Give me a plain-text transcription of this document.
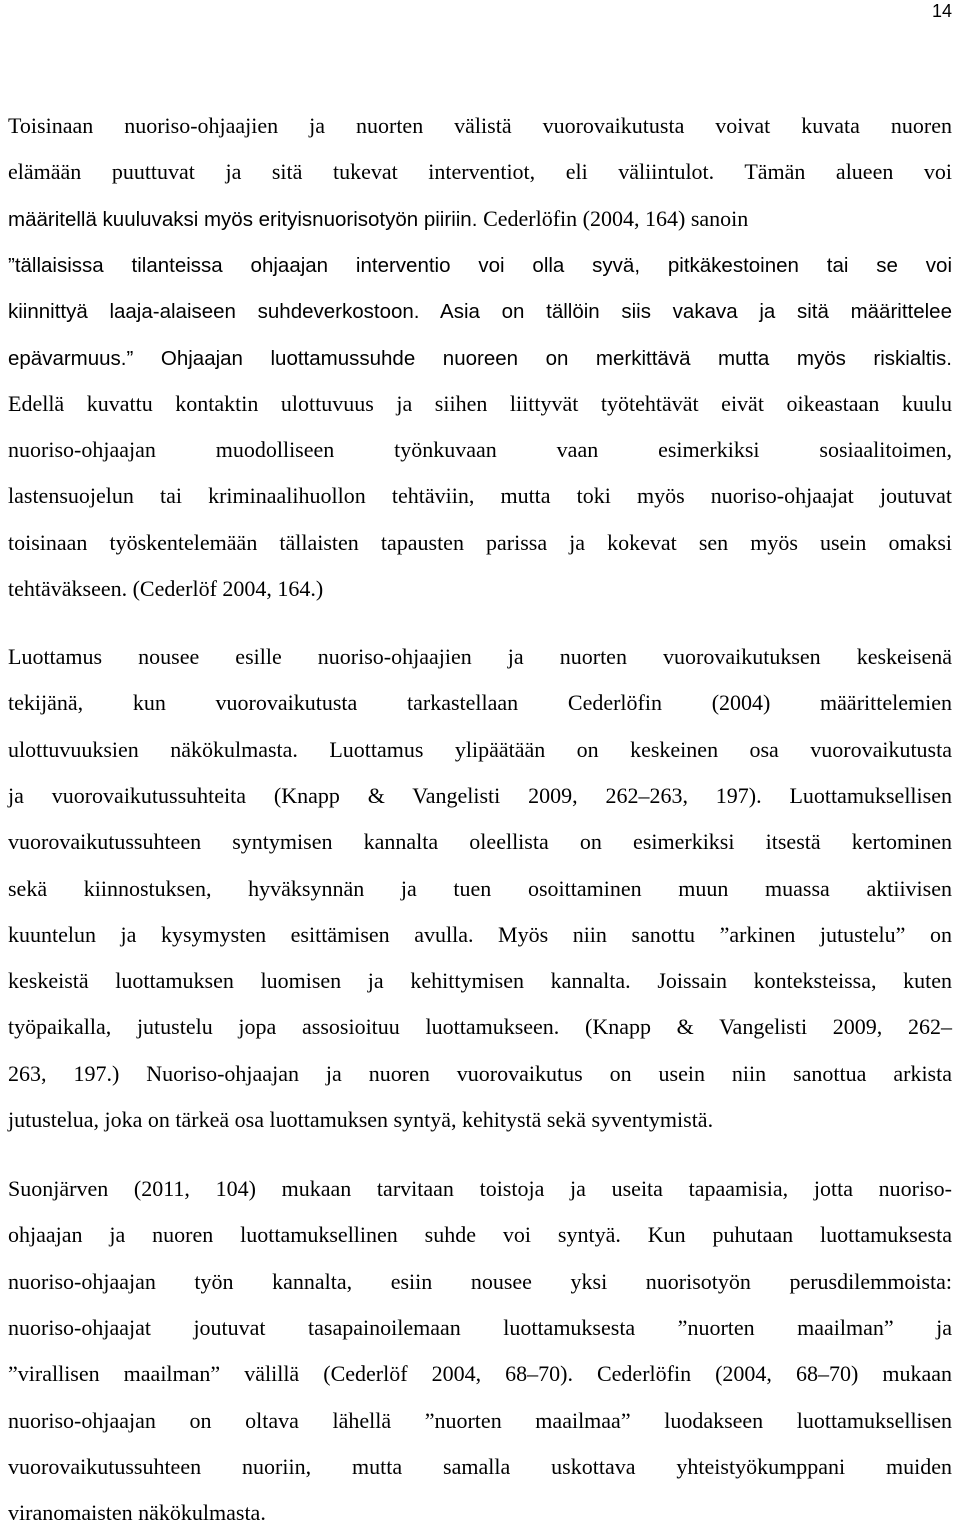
14
Toisinaan nuoriso-ohjaajien ja nuorten välistä vuorovaikutusta voivat kuvata nuoren
elämään puuttuvat ja sitä tukevat interventiot, eli väliintulot. Tämän alueen voi
määritellä kuuluvaksi myös erityisnuorisotyön piiriin. Cederlöfin (2004, 164) sanoin
”tällaisissa tilanteissa ohjaajan interventio voi olla syvä, pitkäkestoinen tai se voi
kiinnittyä laaja-alaiseen suhdeverkostoon. Asia on tällöin siis vakava ja sitä määrittelee
epävarmuus.” Ohjaajan luottamussuhde nuoreen on merkittävä mutta myös riskialtis.
Edellä kuvattu kontaktin ulottuvuus ja siihen liittyvät työtehtävät eivät oikeastaan kuulu
nuoriso-ohjaajan muodolliseen työnkuvaan vaan esimerkiksi sosiaalitoimen,
lastensuojelun tai kriminaalihuollon tehtäviin, mutta toki myös nuoriso-ohjaajat joutuvat
toisinaan työskentelemään tällaisten tapausten parissa ja kokevat sen myös usein omaksi
tehtäväkseen. (Cederlöf 2004, 164.)
Luottamus nousee esille nuoriso-ohjaajien ja nuorten vuorovaikutuksen keskeisenä
tekijänä, kun vuorovaikutusta tarkastellaan Cederlöfin (2004) määrittelemien
ulottuvuuksien näkökulmasta. Luottamus ylipäätään on keskeinen osa vuorovaikutusta
ja vuorovaikutussuhteita (Knapp & Vangelisti 2009, 262–263, 197). Luottamuksellisen
vuorovaikutussuhteen syntymisen kannalta oleellista on esimerkiksi itsestä kertominen
sekä kiinnostuksen, hyväksynnän ja tuen osoittaminen muun muassa aktiivisen
kuuntelun ja kysymysten esittämisen avulla. Myös niin sanottu ”arkinen jutustelu” on
keskeistä luottamuksen luomisen ja kehittymisen kannalta. Joissain konteksteissa, kuten
työpaikalla, jutustelu jopa assosioituu luottamukseen. (Knapp & Vangelisti 2009, 262–
263, 197.) Nuoriso-ohjaajan ja nuoren vuorovaikutus on usein niin sanottua arkista
jutustelua, joka on tärkeä osa luottamuksen syntyä, kehitystä sekä syventymistä.
Suonjärven (2011, 104) mukaan tarvitaan toistoja ja useita tapaamisia, jotta nuoriso-
ohjaajan ja nuoren luottamuksellinen suhde voi syntyä. Kun puhutaan luottamuksesta
nuoriso-ohjaajan työn kannalta, esiin nousee yksi nuorisotyön perusdilemmoista:
nuoriso-ohjaajat joutuvat tasapainoilemaan luottamuksesta ”nuorten maailman” ja
”virallisen maailman” välillä (Cederlöf 2004, 68–70). Cederlöfin (2004, 68–70) mukaan
nuoriso-ohjaajan on oltava lähellä ”nuorten maailmaa” luodakseen luottamuksellisen
vuorovaikutussuhteen nuoriin, mutta samalla uskottava yhteistyökumppani muiden
viranomaisten näkökulmasta.
